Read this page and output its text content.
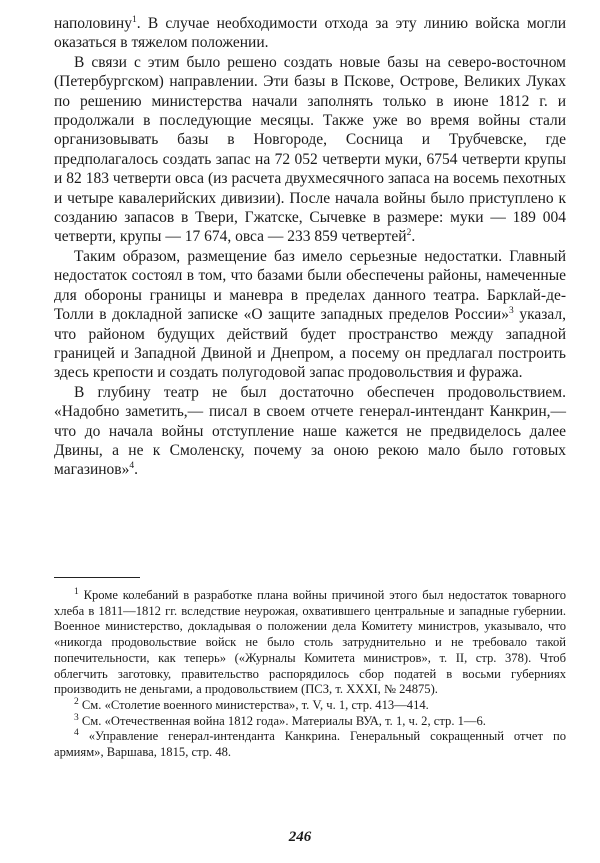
наполовину$^1$. В случае необходимости отхода за эту линию войска могли оказаться в тяжелом положении.

В связи с этим было решено создать новые базы на северо-восточном (Петербургском) направлении. Эти базы в Пскове, Острове, Великих Луках по решению министерства начали заполнять только в июне 1812 г. и продолжали в последующие месяцы. Также уже во время войны стали организовывать базы в Новгороде, Сосница и Трубчевске, где предполагалось создать запас на 72 052 четверти муки, 6754 четверти крупы и 82 183 четверти овса (из расчета двухмесячного запаса на восемь пехотных и четыре кавалерийских дивизии). После начала войны было приступлено к созданию запасов в Твери, Гжатске, Сычевке в размере: муки — 189 004 четверти, крупы — 17 674, овса — 233 859 четвертей$^2$.

Таким образом, размещение баз имело серьезные недостатки. Главный недостаток состоял в том, что базами были обеспечены районы, намеченные для обороны границы и маневра в пределах данного театра. Барклай-де-Толли в докладной записке «О защите западных пределов России»$^3$ указал, что районом будущих действий будет пространство между западной границей и Западной Двиной и Днепром, а посему он предлагал построить здесь крепости и создать полугодовой запас продовольствия и фуража.

В глубину театр не был достаточно обеспечен продовольствием. «Надобно заметить,— писал в своем отчете генерал-интендант Канкрин,— что до начала войны отступление наше кажется не предвиделось далее Двины, а не к Смоленску, почему за оною рекою мало было готовых магазинов»$^4$.

$^1$ Кроме колебаний в разработке плана войны причиной этого был недостаток товарного хлеба в 1811—1812 гг. вследствие неурожая, охватившего центральные и западные губернии. Военное министерство, докладывая о положении дела Комитету министров, указывало, что «никогда продовольствие войск не было столь затруднительно и не требовало такой попечительности, как теперь» («Журналы Комитета министров», т. II, стр. 378). Чтоб облегчить заготовку, правительство распорядилось сбор податей в восьми губерниях производить не деньгами, а продовольствием (ПСЗ, т. XXXI, № 24875).

$^2$ См. «Столетие военного министерства», т. V, ч. 1, стр. 413—414.

$^3$ См. «Отечественная война 1812 года». Материалы ВУА, т. 1, ч. 2, стр. 1—6.

$^4$ «Управление генерал-интенданта Канкрина. Генеральный сокращенный отчет по армиям», Варшава, 1815, стр. 48.

246
